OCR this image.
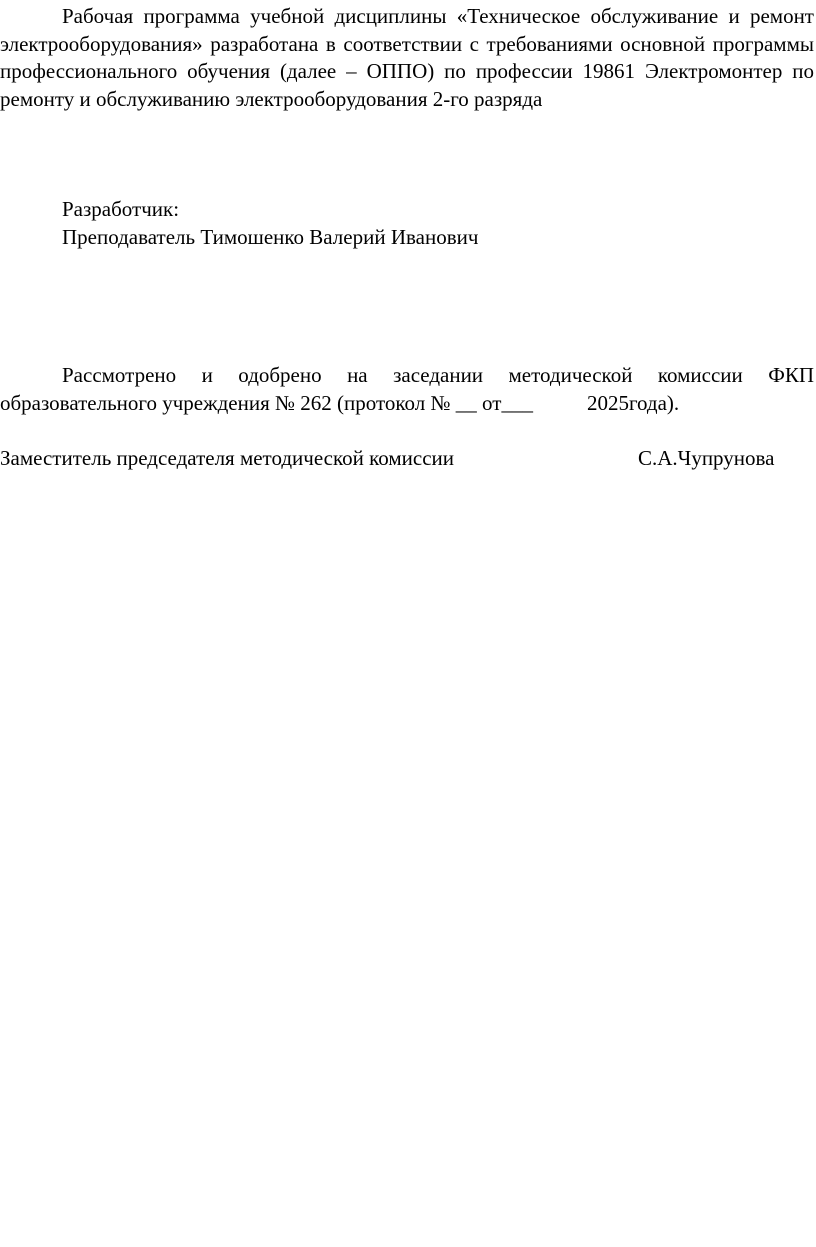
Рабочая программа учебной дисциплины «Техническое обслуживание и ремонт электрооборудования» разработана в соответствии с требованиями основной программы профессионального обучения (далее – ОППО) по профессии 19861 Электромонтер по ремонту и обслуживанию электрооборудования 2-го разряда

Разработчик:
Преподаватель Тимошенко Валерий Иванович

Рассмотрено и одобрено на заседании методической комиссии ФКП образовательного учреждения № 262 (протокол № __ от___	2025года).

Заместитель председателя методической комиссии	С.А.Чупрунова
